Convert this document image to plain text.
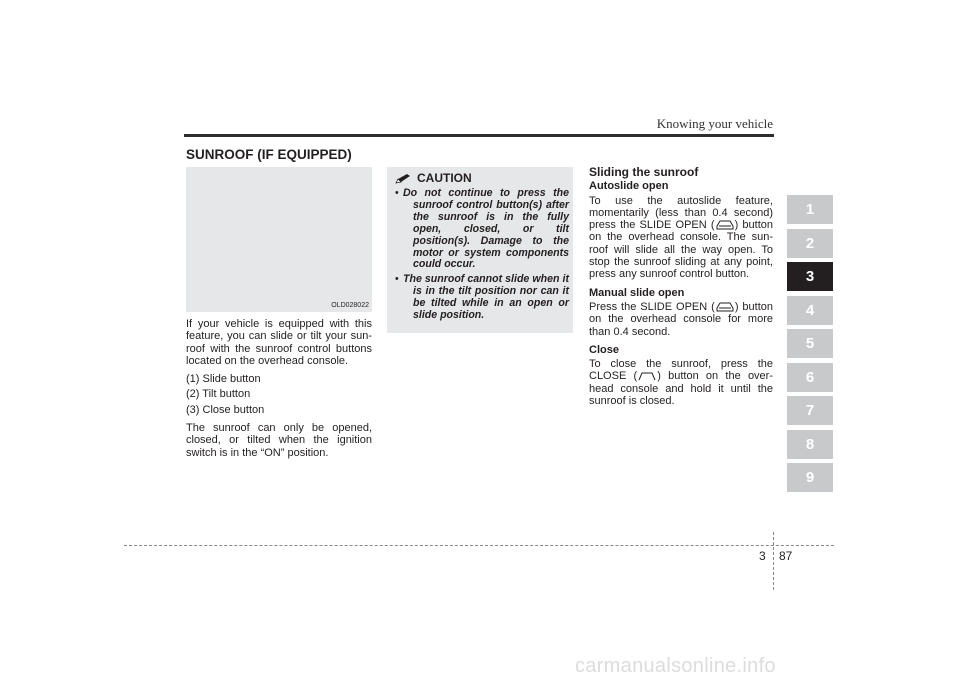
Knowing your vehicle
SUNROOF (IF EQUIPPED)
OLD028022

If your vehicle is equipped with this feature, you can slide or tilt your sun-roof with the sunroof control buttons located on the overhead console.

(1) Slide button
(2) Tilt button
(3) Close button

The sunroof can only be opened, closed, or tilted when the ignition switch is in the “ON” position.

CAUTION
• Do not continue to press the sunroof control button(s) after the sunroof is in the fully open, closed, or tilt position(s). Damage to the motor or system components could occur.
• The sunroof cannot slide when it is in the tilt position nor can it be tilted while in an open or slide position.
Sliding the sunroof
Autoslide open

To use the autoslide feature, momentarily (less than 0.4 second) press the SLIDE OPEN ( ) button on the overhead console. The sun-roof will slide all the way open. To stop the sunroof sliding at any point, press any sunroof control button.

Manual slide open

Press the SLIDE OPEN ( ) button on the overhead console for more than 0.4 second.

Close

To close the sunroof, press the CLOSE ( ) button on the over-head console and hold it until the sunroof is closed.

1
2
3
4
5
6
7
8
9
3 87
carmanualsonline.info
